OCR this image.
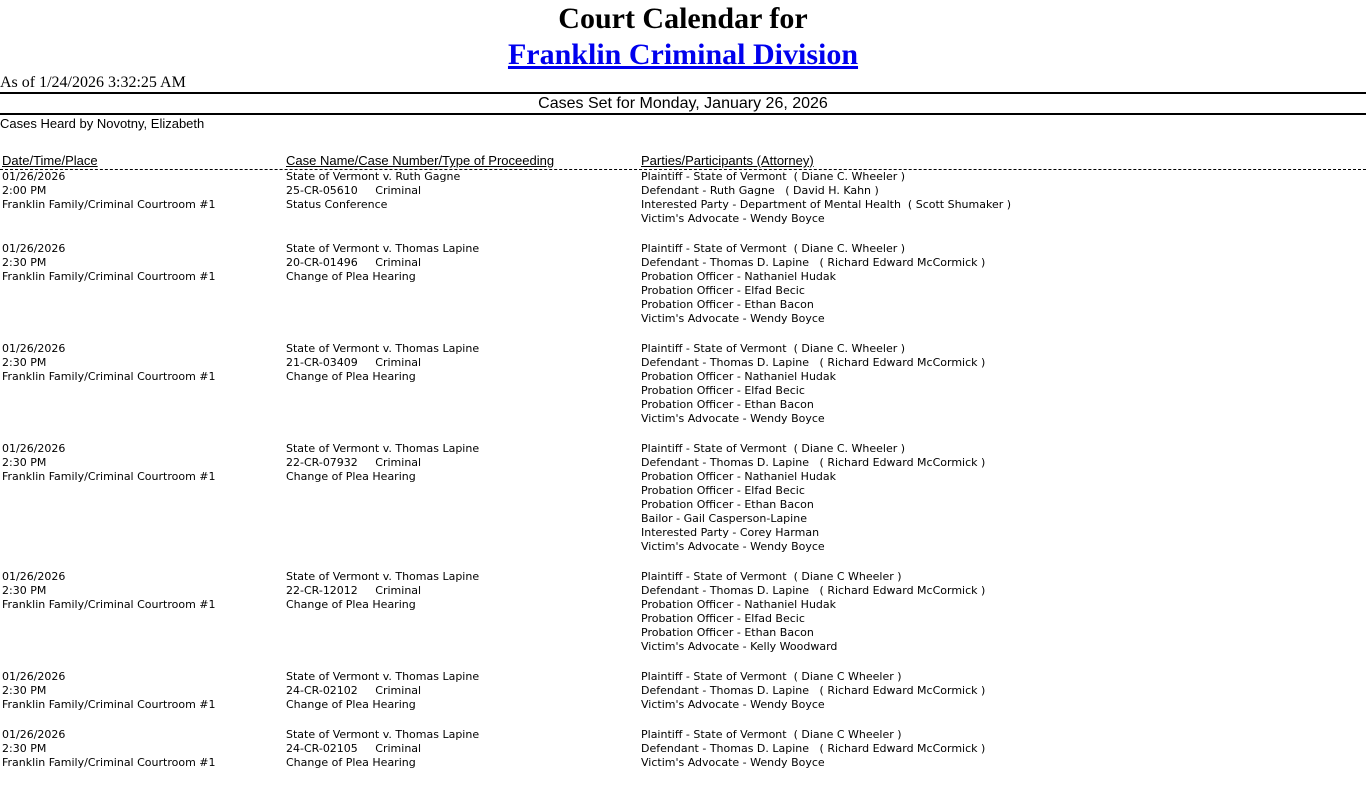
Court Calendar for
Franklin Criminal Division
As of 1/24/2026 3:32:25 AM
Cases Set for Monday, January 26, 2026
Cases Heard by Novotny, Elizabeth
Date/Time/Place	Case Name/Case Number/Type of Proceeding	Parties/Participants (Attorney)
01/26/2026
2:00 PM
Franklin Family/Criminal Courtroom #1
State of Vermont v. Ruth Gagne
25-CR-05610     Criminal
Status Conference
Plaintiff - State of Vermont  ( Diane C. Wheeler )
Defendant - Ruth Gagne   ( David H. Kahn )
Interested Party - Department of Mental Health  ( Scott Shumaker )
Victim's Advocate - Wendy Boyce
01/26/2026
2:30 PM
Franklin Family/Criminal Courtroom #1
State of Vermont v. Thomas Lapine
20-CR-01496     Criminal
Change of Plea Hearing
Plaintiff - State of Vermont  ( Diane C. Wheeler )
Defendant - Thomas D. Lapine   ( Richard Edward McCormick )
Probation Officer - Nathaniel Hudak
Probation Officer - Elfad Becic
Probation Officer - Ethan Bacon
Victim's Advocate - Wendy Boyce
01/26/2026
2:30 PM
Franklin Family/Criminal Courtroom #1
State of Vermont v. Thomas Lapine
21-CR-03409     Criminal
Change of Plea Hearing
Plaintiff - State of Vermont  ( Diane C. Wheeler )
Defendant - Thomas D. Lapine   ( Richard Edward McCormick )
Probation Officer - Nathaniel Hudak
Probation Officer - Elfad Becic
Probation Officer - Ethan Bacon
Victim's Advocate - Wendy Boyce
01/26/2026
2:30 PM
Franklin Family/Criminal Courtroom #1
State of Vermont v. Thomas Lapine
22-CR-07932     Criminal
Change of Plea Hearing
Plaintiff - State of Vermont  ( Diane C. Wheeler )
Defendant - Thomas D. Lapine   ( Richard Edward McCormick )
Probation Officer - Nathaniel Hudak
Probation Officer - Elfad Becic
Probation Officer - Ethan Bacon
Bailor - Gail Casperson-Lapine
Interested Party - Corey Harman
Victim's Advocate - Wendy Boyce
01/26/2026
2:30 PM
Franklin Family/Criminal Courtroom #1
State of Vermont v. Thomas Lapine
22-CR-12012     Criminal
Change of Plea Hearing
Plaintiff - State of Vermont  ( Diane C Wheeler )
Defendant - Thomas D. Lapine   ( Richard Edward McCormick )
Probation Officer - Nathaniel Hudak
Probation Officer - Elfad Becic
Probation Officer - Ethan Bacon
Victim's Advocate - Kelly Woodward
01/26/2026
2:30 PM
Franklin Family/Criminal Courtroom #1
State of Vermont v. Thomas Lapine
24-CR-02102     Criminal
Change of Plea Hearing
Plaintiff - State of Vermont  ( Diane C Wheeler )
Defendant - Thomas D. Lapine   ( Richard Edward McCormick )
Victim's Advocate - Wendy Boyce
01/26/2026
2:30 PM
Franklin Family/Criminal Courtroom #1
State of Vermont v. Thomas Lapine
24-CR-02105     Criminal
Change of Plea Hearing
Plaintiff - State of Vermont  ( Diane C Wheeler )
Defendant - Thomas D. Lapine   ( Richard Edward McCormick )
Victim's Advocate - Wendy Boyce
